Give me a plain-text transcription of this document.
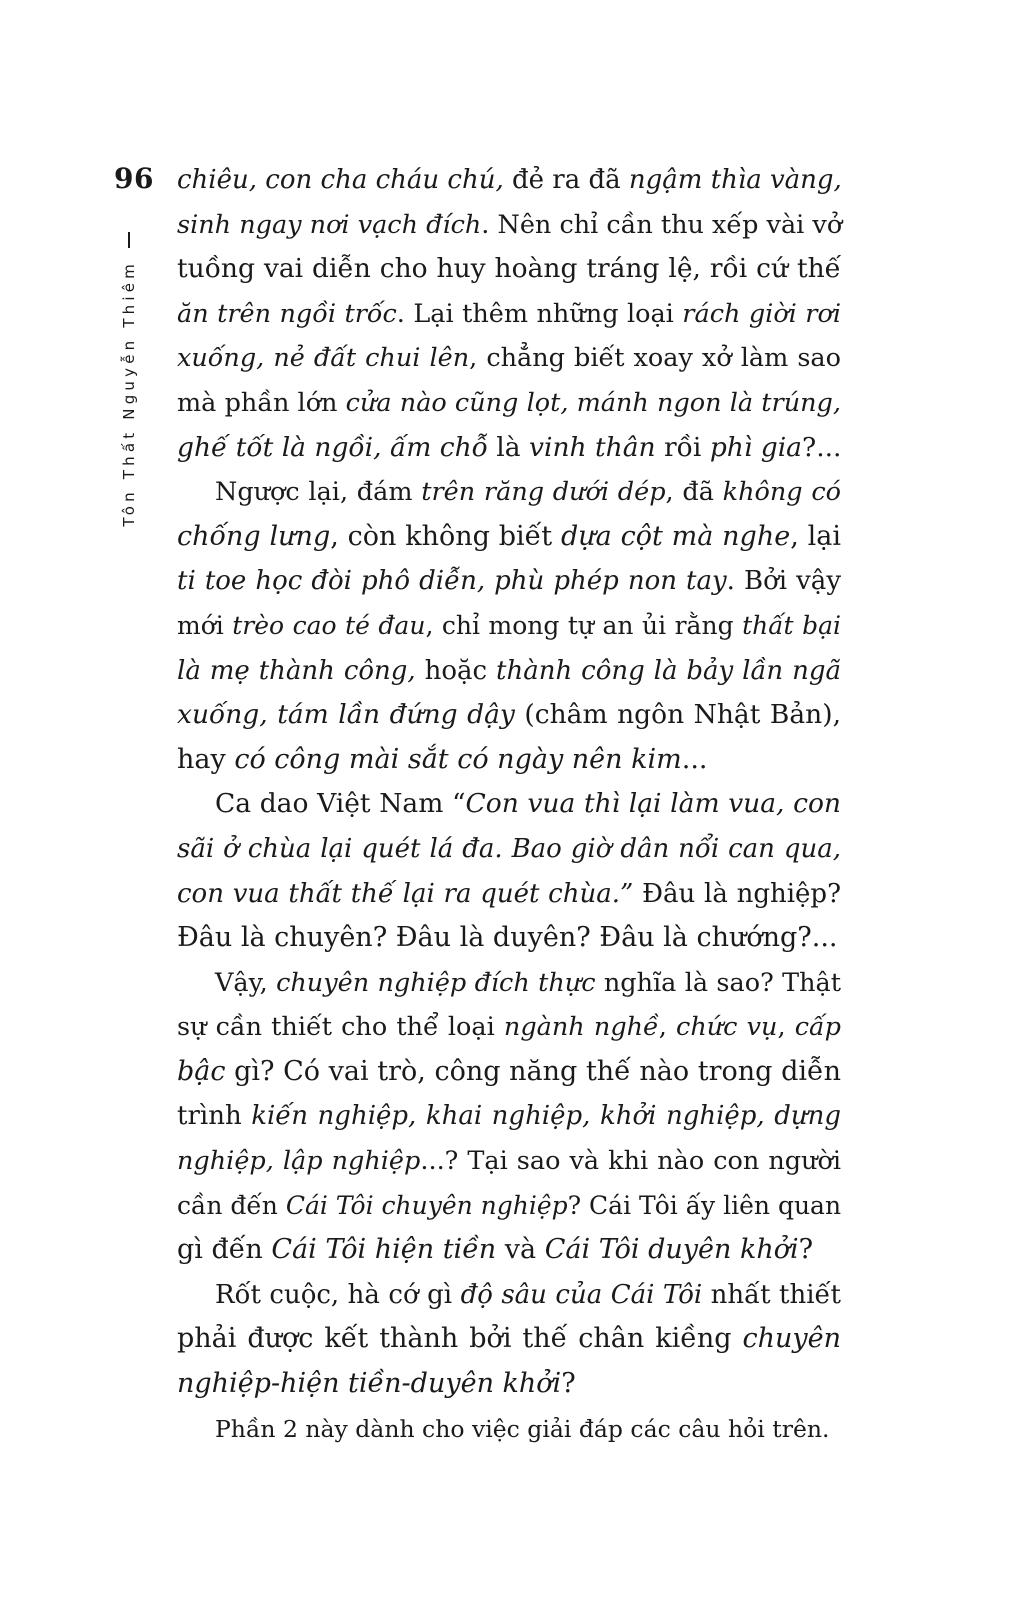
96
Tôn Thất Nguyễn Thiêm
chiêu, con cha cháu chú, đẻ ra đã ngậm thìa vàng,
sinh ngay nơi vạch đích. Nên chỉ cần thu xếp vài vở
tuồng vai diễn cho huy hoàng tráng lệ, rồi cứ thế
ăn trên ngồi trốc. Lại thêm những loại rách giời rơi
xuống, nẻ đất chui lên, chẳng biết xoay xở làm sao
mà phần lớn cửa nào cũng lọt, mánh ngon là trúng,
ghế tốt là ngồi, ấm chỗ là vinh thân rồi phì gia?...
Ngược lại, đám trên răng dưới dép, đã không có
chống lưng, còn không biết dựa cột mà nghe, lại
ti toe học đòi phô diễn, phù phép non tay. Bởi vậy
mới trèo cao té đau, chỉ mong tự an ủi rằng thất bại
là mẹ thành công, hoặc thành công là bảy lần ngã
xuống, tám lần đứng dậy (châm ngôn Nhật Bản),
hay có công mài sắt có ngày nên kim...
Ca dao Việt Nam “Con vua thì lại làm vua, con
sãi ở chùa lại quét lá đa. Bao giờ dân nổi can qua,
con vua thất thế lại ra quét chùa.” Đâu là nghiệp?
Đâu là chuyên? Đâu là duyên? Đâu là chướng?...
Vậy, chuyên nghiệp đích thực nghĩa là sao? Thật
sự cần thiết cho thể loại ngành nghề, chức vụ, cấp
bậc gì? Có vai trò, công năng thế nào trong diễn
trình kiến nghiệp, khai nghiệp, khởi nghiệp, dựng
nghiệp, lập nghiệp...? Tại sao và khi nào con người
cần đến Cái Tôi chuyên nghiệp? Cái Tôi ấy liên quan
gì đến Cái Tôi hiện tiền và Cái Tôi duyên khởi?
Rốt cuộc, hà cớ gì độ sâu của Cái Tôi nhất thiết
phải được kết thành bởi thế chân kiềng chuyên
nghiệp-hiện tiền-duyên khởi?
Phần 2 này dành cho việc giải đáp các câu hỏi trên.
